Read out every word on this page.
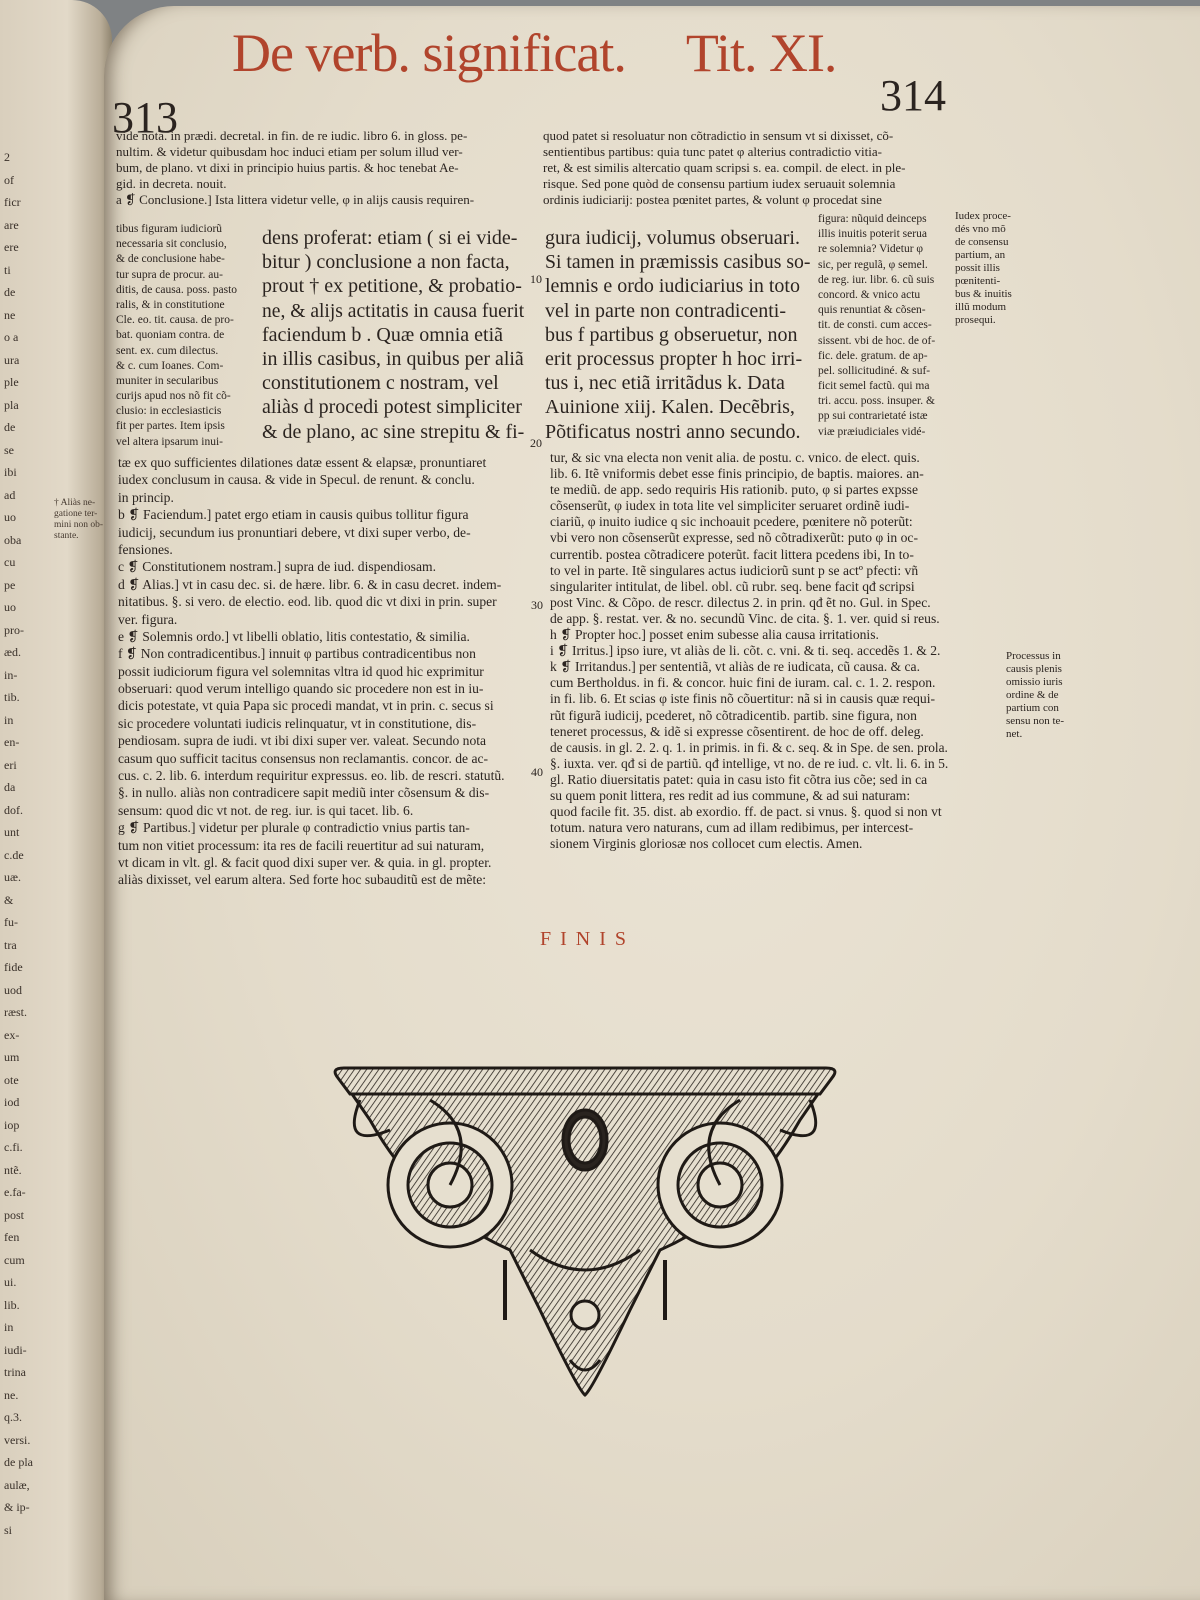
2
of
ficr
are
ere
ti
de
ne
o a
ura
ple
pla
de
se
ibi
ad
uo
oba
cu
pe
uo
pro-
æd.
in-
tib.
in
en-
eri
da
dof.
unt
c.de
uæ.
&
fu-
tra
fide
uod
ræst.
ex-
um
ote
iod
iop
c.fi.
ntẽ.
e.fa-
post
fen
cum
ui.
lib.
in
iudi-
trina
ne.
q.3.
versi.
de pla
aulæ,
& ip-
si
De verb. significat. Tit. XI.
313	314
vide nota. in prædi. decretal. in fin. de re iudic. libro 6. in gloss. pe-
nultim. & videtur quibusdam hoc induci etiam per solum illud ver-
bum, de plano. vt dixi in principio huius partis. & hoc tenebat Ae-
gid. in decreta. nouit.
a ❡ Conclusione.] Ista littera videtur velle, φ in alijs causis requiren-
quod patet si resoluatur non cõtradictio in sensum vt si dixisset, cõ-
sentientibus partibus: quia tunc patet φ alterius contradictio vitia-
ret, & est similis altercatio quam scripsi s. ea. compil. de elect. in ple-
risque. Sed pone quòd de consensu partium iudex seruauit solemnia
ordinis iudiciarij: postea pœnitet partes, & volunt φ procedat sine
tibus figuram iudiciorũ
necessaria sit conclusio,
& de conclusione habe-
tur supra de procur. au-
ditis, de causa. poss. pasto
ralis, & in constitutione
Cle. eo. tit. causa. de pro-
bat. quoniam contra. de
sent. ex. cum dilectus.
& c. cum Ioanes. Com-
muniter in secularibus
curijs apud nos nõ fit cõ-
clusio: in ecclesiasticis
fit per partes. Item ipsis
vel altera ipsarum inui-
figura: nũquid deinceps
illis inuitis poterit serua
re solemnia? Videtur φ
sic, per regulã, φ semel.
de reg. iur. libr. 6. cũ suis
concord. & vnico actu
quis renuntiat & cõsen-
tit. de consti. cum acces-
sissent. vbi de hoc. de of-
fic. dele. gratum. de ap-
pel. sollicitudiné. & suf-
ficit semel factũ. qui ma
tri. accu. poss. insuper. &
pp sui contrarietaté istæ
viæ præiudiciales vidé-
dens proferat: etiam ( si ei vide-
bitur ) conclusione a non facta,
prout † ex petitione, & probatio-
ne, & alijs actitatis in causa fuerit
faciendum b . Quæ omnia etiã
in illis casibus, in quibus per aliã
constitutionem c nostram, vel
aliàs d procedi potest simpliciter
& de plano, ac sine strepitu & fi-
gura iudicij, volumus obseruari.
Si tamen in præmissis casibus so-
lemnis e ordo iudiciarius in toto
vel in parte non contradicenti-
bus f partibus g obseruetur, non
erit processus propter h hoc irri-
tus i, nec etiã irritãdus k. Data
Auinione xiij. Kalen. Decẽbris,
Põtificatus nostri anno secundo.
tæ ex quo sufficientes dilationes datæ essent & elapsæ, pronuntiaret
iudex conclusum in causa. & vide in Specul. de renunt. & conclu.
in princip.
b ❡ Faciendum.] patet ergo etiam in causis quibus tollitur figura
iudicij, secundum ius pronuntiari debere, vt dixi super verbo, de-
fensiones.
c ❡ Constitutionem nostram.] supra de iud. dispendiosam.
d ❡ Alias.] vt in casu dec. si. de hære. libr. 6. & in casu decret. indem-
nitatibus. §. si vero. de electio. eod. lib. quod dic vt dixi in prin. super
ver. figura.
e ❡ Solemnis ordo.] vt libelli oblatio, litis contestatio, & similia.
f ❡ Non contradicentibus.] innuit φ partibus contradicentibus non
possit iudiciorum figura vel solemnitas vltra id quod hic exprimitur
obseruari: quod verum intelligo quando sic procedere non est in iu-
dicis potestate, vt quia Papa sic procedi mandat, vt in prin. c. secus si
sic procedere voluntati iudicis relinquatur, vt in constitutione, dis-
pendiosam. supra de iudi. vt ibi dixi super ver. valeat. Secundo nota
casum quo sufficit tacitus consensus non reclamantis. concor. de ac-
cus. c. 2. lib. 6. interdum requiritur expressus. eo. lib. de rescri. statutũ.
§. in nullo. aliàs non contradicere sapit mediũ inter cõsensum & dis-
sensum: quod dic vt not. de reg. iur. is qui tacet. lib. 6.
g ❡ Partibus.] videtur per plurale φ contradictio vnius partis tan-
tum non vitiet processum: ita res de facili reuertitur ad sui naturam,
vt dicam in vlt. gl. & facit quod dixi super ver. & quia. in gl. propter.
aliàs dixisset, vel earum altera. Sed forte hoc subauditũ est de mẽte:
tur, & sic vna electa non venit alia. de postu. c. vnico. de elect. quis.
lib. 6. Itẽ vniformis debet esse finis principio, de baptis. maiores. an-
te mediũ. de app. sedo requiris His rationib. puto, φ si partes expsse
cõsenserũt, φ iudex in tota lite vel simpliciter seruaret ordinẽ iudi-
ciariũ, φ inuito iudice q sic inchoauit pcedere, pœnitere nõ poterũt:
vbi vero non cõsenserũt expresse, sed nõ cõtradixerũt: puto φ in oc-
currentib. postea cõtradicere poterũt. facit littera pcedens ibi, In to-
to vel in parte. Itẽ singulares actus iudiciorũ sunt p se actº pfecti: vñ
singulariter intitulat, de libel. obl. cũ rubr. seq. bene facit qđ scripsi
post Vinc. & Cõpo. de rescr. dilectus 2. in prin. qđ ẽt no. Gul. in Spec.
de app. §. restat. ver. & no. secundũ Vinc. de cita. §. 1. ver. quid si reus.
h ❡ Propter hoc.] posset enim subesse alia causa irritationis.
i ❡ Irritus.] ipso iure, vt aliàs de li. cõt. c. vni. & ti. seq. accedẽs 1. & 2.
k ❡ Irritandus.] per sententiã, vt aliàs de re iudicata, cũ causa. & ca.
cum Bertholdus. in fi. & concor. huic fini de iuram. cal. c. 1. 2. respon.
in fi. lib. 6. Et scias φ iste finis nõ cõuertitur: nã si in causis quæ requi-
rũt figurã iudicij, pcederet, nõ cõtradicentib. partib. sine figura, non
teneret processus, & idẽ si expresse cõsentirent. de hoc de off. deleg.
de causis. in gl. 2. 2. q. 1. in primis. in fi. & c. seq. & in Spe. de sen. prola.
§. iuxta. ver. qđ si de partiũ. qđ intellige, vt no. de re iud. c. vlt. li. 6. in 5.
gl. Ratio diuersitatis patet: quia in casu isto fit cõtra ius cõe; sed in ca
su quem ponit littera, res redit ad ius commune, & ad sui naturam:
quod facile fit. 35. dist. ab exordio. ff. de pact. si vnus. §. quod si non vt
totum. natura vero naturans, cum ad illam redibimus, per intercest-
sionem Virginis gloriosæ nos collocet cum electis. Amen.
Iudex proce-
dés vno mõ
de consensu
partium, an
possit illis
pœnitenti-
bus & inuitis
illũ modum
prosequi.
Processus in
causis plenis
omissio iuris
ordine & de
partium con
sensu non te-
net.
† Aliàs ne-
gatione ter-
mini non ob-
stante.
10
20
30
40
FINIS
